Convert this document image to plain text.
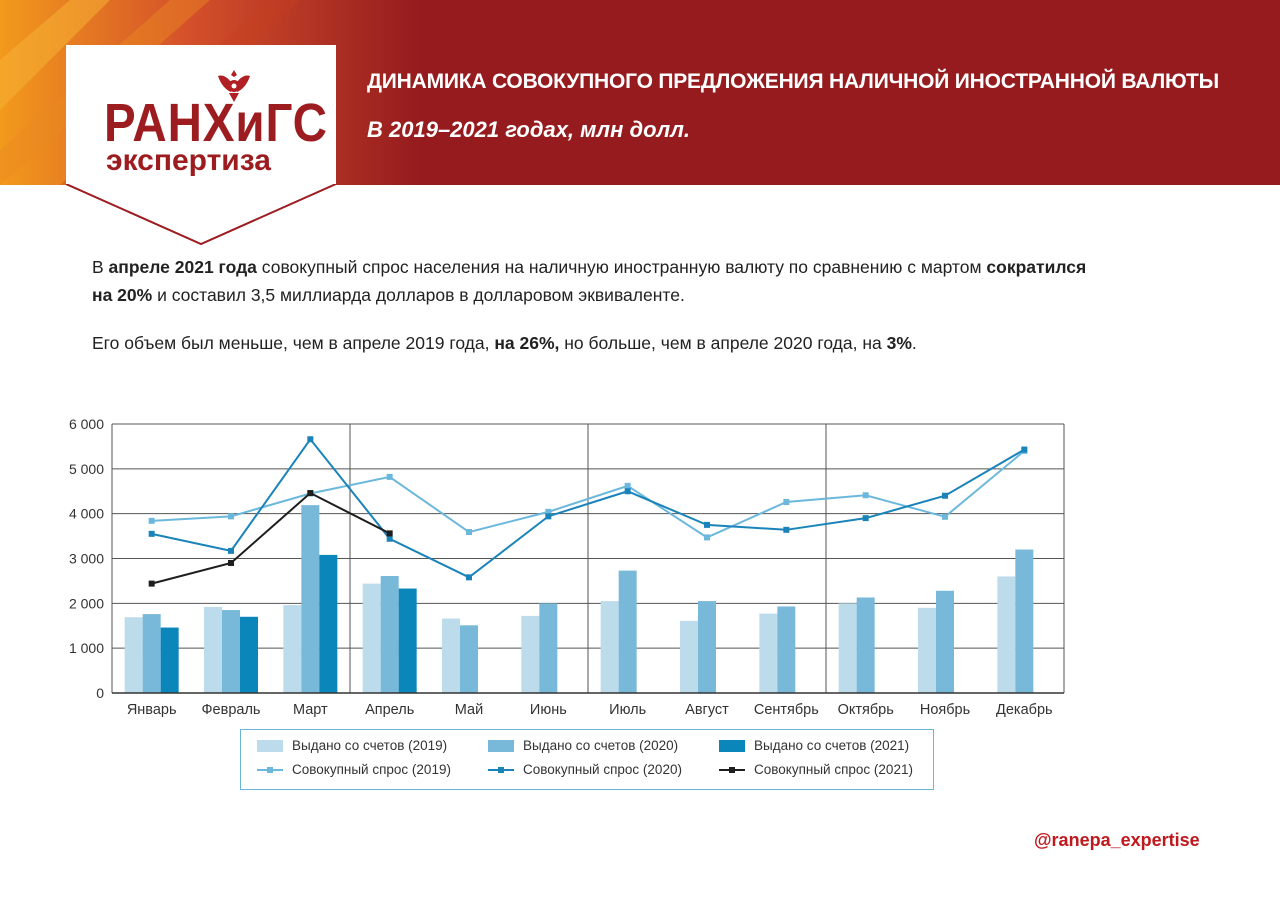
ДИНАМИКА СОВОКУПНОГО ПРЕДЛОЖЕНИЯ НАЛИЧНОЙ ИНОСТРАННОЙ ВАЛЮТЫ
В 2019–2021 годах, млн долл.
РАНХиГС
экспертиза
В апреле 2021 года совокупный спрос населения на наличную иностранную валюту по сравнению с мартом сократился
на 20% и составил 3,5 миллиарда долларов в долларовом эквиваленте.
Его объем был меньше, чем в апреле 2019 года, на 26%, но больше, чем в апреле 2020 года, на 3%.
0
1 000
2 000
3 000
4 000
5 000
6 000
Январь Февраль Март	Апрель	Май	Июнь	Июль	Август Сентябрь Октябрь Ноябрь Декабрь
Выдано со счетов (2019)	Выдано со счетов (2020)	Выдано со счетов (2021)
Совокупный спрос (2019)	Совокупный спрос (2020)	Совокупный спрос (2021)
@ranepa_expertise
